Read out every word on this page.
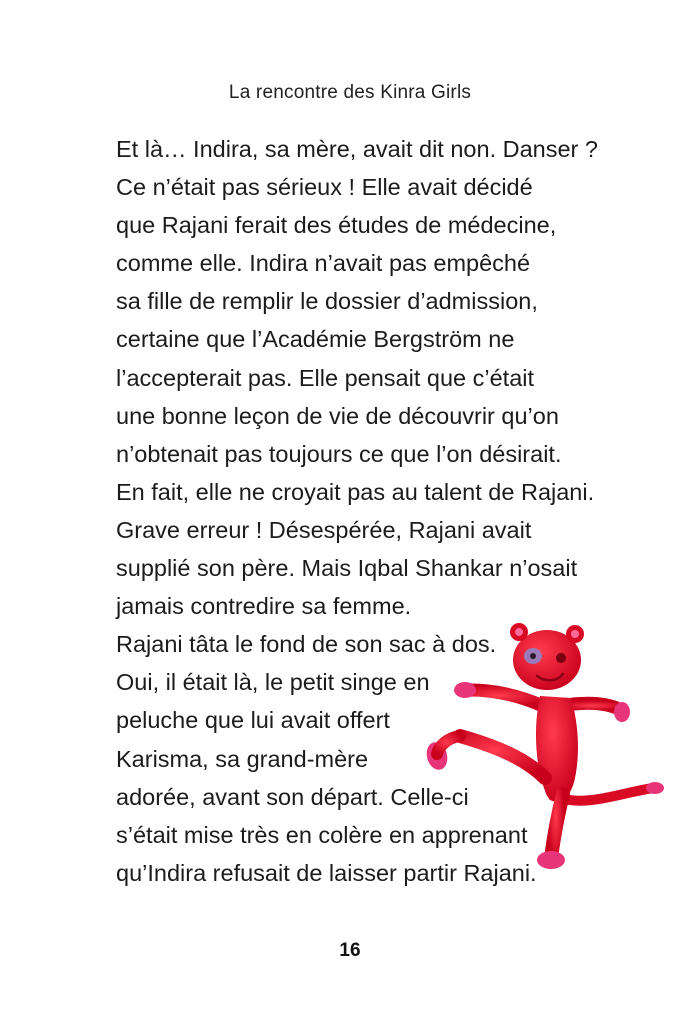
La rencontre des Kinra Girls
Et là… Indira, sa mère, avait dit non. Danser ?
Ce n’était pas sérieux ! Elle avait décidé
que Rajani ferait des études de médecine,
comme elle. Indira n’avait pas empêché
sa fille de remplir le dossier d’admission,
certaine que l’Académie Bergström ne
l’accepterait pas. Elle pensait que c’était
une bonne leçon de vie de découvrir qu’on
n’obtenait pas toujours ce que l’on désirait.
En fait, elle ne croyait pas au talent de Rajani.
Grave erreur ! Désespérée, Rajani avait
supplié son père. Mais Iqbal Shankar n’osait
jamais contredire sa femme.
Rajani tâta le fond de son sac à dos.
Oui, il était là, le petit singe en
peluche que lui avait offert
Karisma, sa grand-mère
adorée, avant son départ. Celle-ci
s’était mise très en colère en apprenant
qu’Indira refusait de laisser partir Rajani.
16
